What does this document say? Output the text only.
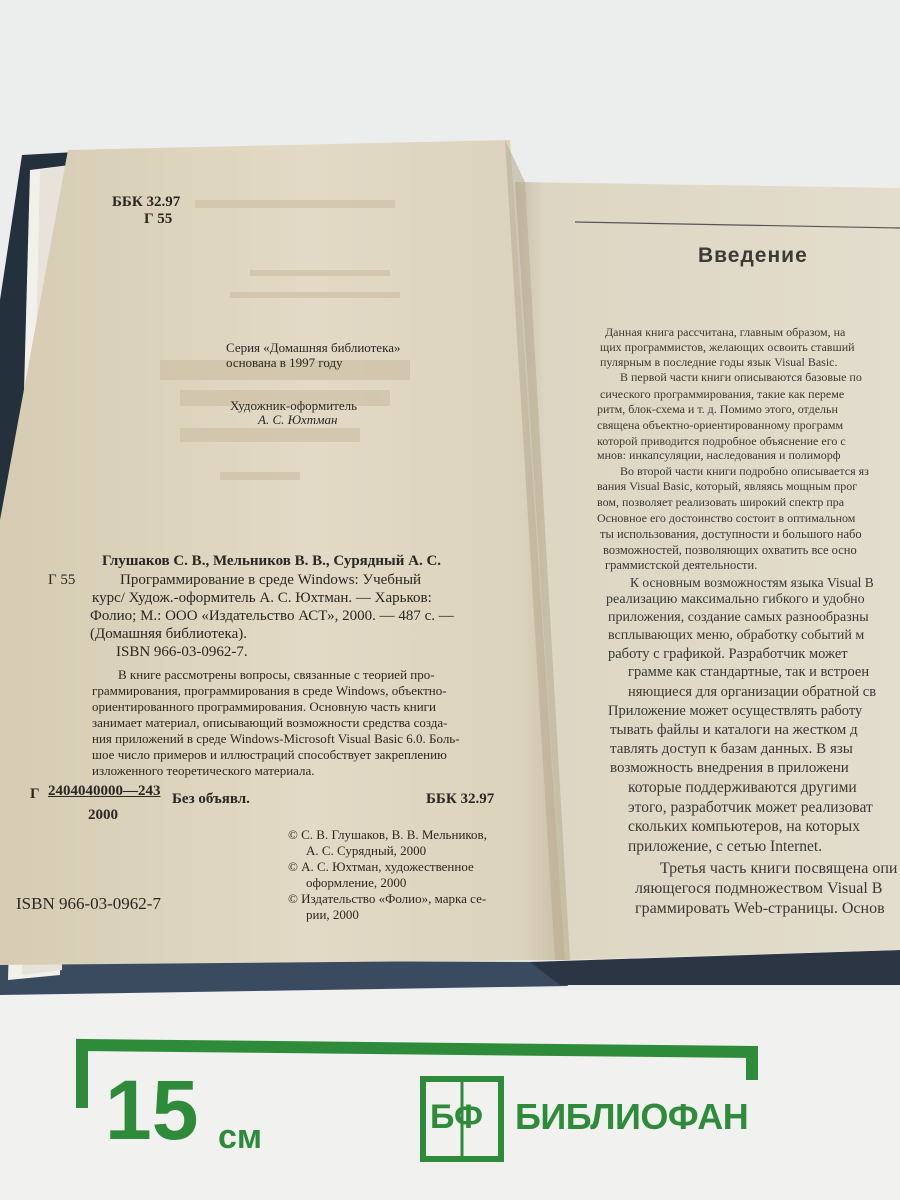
ББК 32.97
Г 55
Серия «Домашняя библиотека»
основана в 1997 году
Художник-оформитель
А. С. Юхтман
Глушаков С. В., Мельников В. В., Сурядный А. С.
Г 55	Программирование в среде Windows: Учебный
курс/ Худож.-оформитель А. С. Юхтман. — Харьков:
Фолио; М.: ООО «Издательство АСТ», 2000. — 487 с. —
(Домашняя библиотека).
ISBN 966-03-0962-7.
В книге рассмотрены вопросы, связанные с теорией про-
граммирования, программирования в среде Windows, объектно-
ориентированного программирования. Основную часть книги
занимает материал, описывающий возможности средства созда-
ния приложений в среде Windows-Microsoft Visual Basic 6.0. Боль-
шое число примеров и иллюстраций способствует закреплению
изложенного теоретического материала.
Г 2404040000—243
2000
Без объявл.	ББК 32.97
© С. В. Глушаков, В. В. Мельников,
А. С. Сурядный, 2000
© А. С. Юхтман, художественное
оформление, 2000
© Издательство «Фолио», марка се-
рии, 2000
ISBN 966-03-0962-7
Введение
Данная книга рассчитана, главным образом, на
щих программистов, желающих освоить ставший
пулярным в последние годы язык Visual Basic.
В первой части книги описываются базовые по
сического программирования, такие как переме
ритм, блок-схема и т. д. Помимо этого, отдельн
священа объектно-ориентированному программ
которой приводится подробное объяснение его с
мнов: инкапсуляции, наследования и полиморф
Во второй части книги подробно описывается яз
вания Visual Basic, который, являясь мощным прог
вом, позволяет реализовать широкий спектр пра
Основное его достоинство состоит в оптимальном
ты использования, доступности и большого набо
возможностей, позволяющих охватить все осно
граммистской деятельности.
К основным возможностям языка Visual B
реализацию максимально гибкого и удобно
приложения, создание самых разнообразны
всплывающих меню, обработку событий м
работу с графикой. Разработчик может
грамме как стандартные, так и встроен
няющиеся для организации обратной св
Приложение может осуществлять работу
тывать файлы и каталоги на жестком д
тавлять доступ к базам данных. В язы
возможность внедрения в приложени
которые поддерживаются другими
этого, разработчик может реализоват
скольких компьютеров, на которых
приложение, с сетью Internet.
Третья часть книги посвящена опи
ляющегося подмножеством Visual B
граммировать Web-страницы. Основ
15 см
БФ БИБЛИОФАН
